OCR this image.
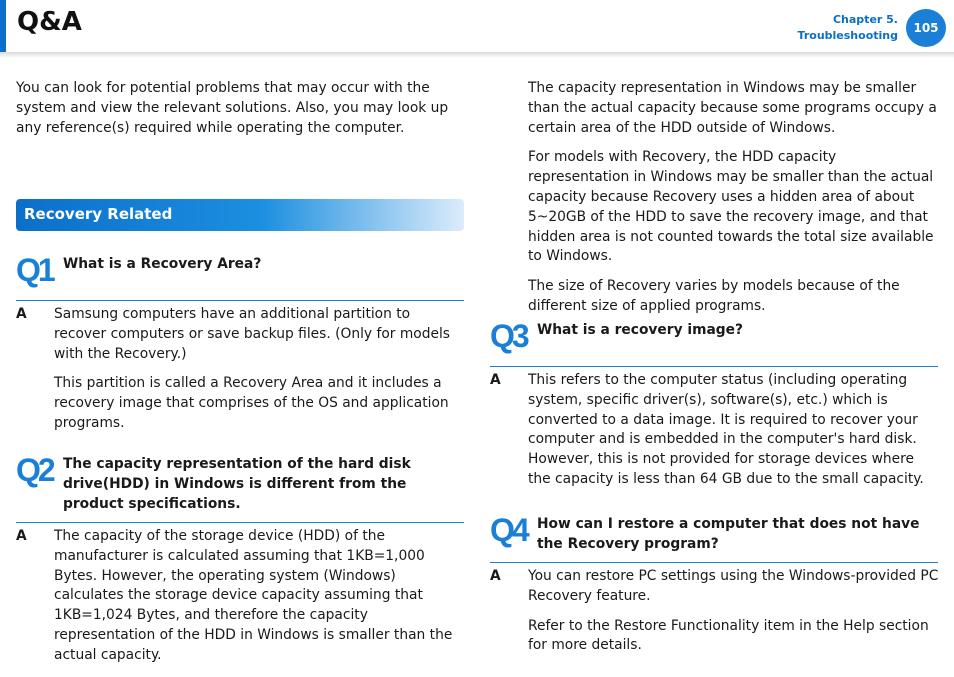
Q&A	Chapter 5.
Troubleshooting
105

You can look for potential problems that may occur with the system and view the relevant solutions. Also, you may look up any reference(s) required while operating the computer.

Recovery Related
Q1 What is a Recovery Area?
A Samsung computers have an additional partition to recover computers or save backup files. (Only for models with the Recovery.)

This partition is called a Recovery Area and it includes a recovery image that comprises of the OS and application programs.

Q2 The capacity representation of the hard disk drive(HDD) in Windows is different from the product specifications.
A The capacity of the storage device (HDD) of the manufacturer is calculated assuming that 1KB=1,000 Bytes. However, the operating system (Windows) calculates the storage device capacity assuming that 1KB=1,024 Bytes, and therefore the capacity representation of the HDD in Windows is smaller than the actual capacity.

The capacity representation in Windows may be smaller than the actual capacity because some programs occupy a certain area of the HDD outside of Windows.

For models with Recovery, the HDD capacity representation in Windows may be smaller than the actual capacity because Recovery uses a hidden area of about 5~20GB of the HDD to save the recovery image, and that hidden area is not counted towards the total size available to Windows.

The size of Recovery varies by models because of the different size of applied programs.

Q3 What is a recovery image?
A This refers to the computer status (including operating system, specific driver(s), software(s), etc.) which is converted to a data image. It is required to recover your computer and is embedded in the computer's hard disk. However, this is not provided for storage devices where the capacity is less than 64 GB due to the small capacity.

Q4 How can I restore a computer that does not have the Recovery program?
A You can restore PC settings using the Windows-provided PC Recovery feature.

Refer to the Restore Functionality item in the Help section for more details.
